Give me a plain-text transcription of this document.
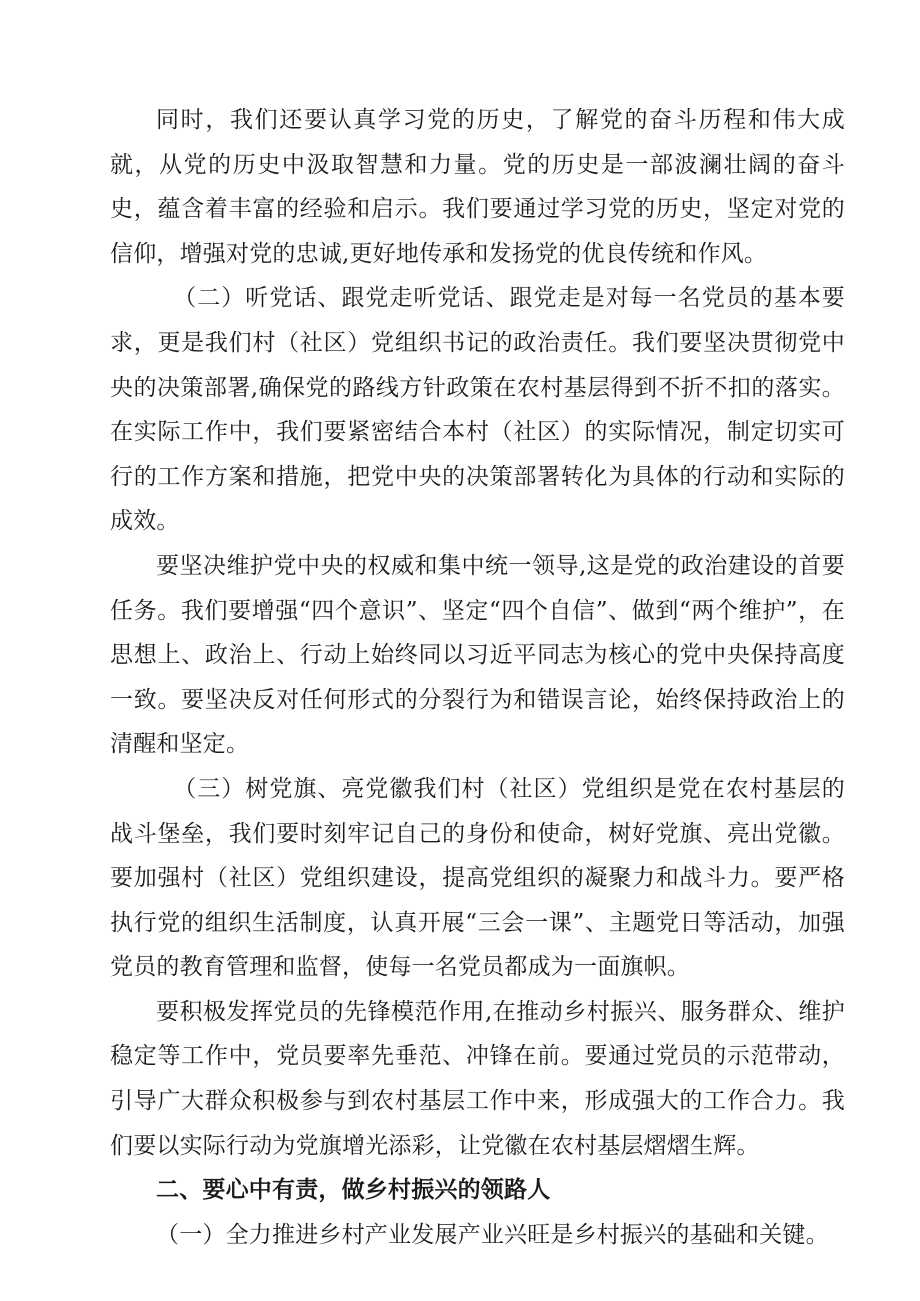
同时，我们还要认真学习党的历史，了解党的奋斗历程和伟大成就，从党的历史中汲取智慧和力量。党的历史是一部波澜壮阔的奋斗史，蕴含着丰富的经验和启示。我们要通过学习党的历史，坚定对党的信仰，增强对党的忠诚,更好地传承和发扬党的优良传统和作风。

（二）听党话、跟党走听党话、跟党走是对每一名党员的基本要求，更是我们村（社区）党组织书记的政治责任。我们要坚决贯彻党中央的决策部署,确保党的路线方针政策在农村基层得到不折不扣的落实。在实际工作中，我们要紧密结合本村（社区）的实际情况，制定切实可行的工作方案和措施，把党中央的决策部署转化为具体的行动和实际的成效。

要坚决维护党中央的权威和集中统一领导,这是党的政治建设的首要任务。我们要增强“四个意识”、坚定“四个自信”、做到“两个维护”，在思想上、政治上、行动上始终同以习近平同志为核心的党中央保持高度一致。要坚决反对任何形式的分裂行为和错误言论，始终保持政治上的清醒和坚定。

（三）树党旗、亮党徽我们村（社区）党组织是党在农村基层的战斗堡垒，我们要时刻牢记自己的身份和使命，树好党旗、亮出党徽。要加强村（社区）党组织建设，提高党组织的凝聚力和战斗力。要严格执行党的组织生活制度，认真开展“三会一课”、主题党日等活动，加强党员的教育管理和监督，使每一名党员都成为一面旗帜。

要积极发挥党员的先锋模范作用,在推动乡村振兴、服务群众、维护稳定等工作中，党员要率先垂范、冲锋在前。要通过党员的示范带动，引导广大群众积极参与到农村基层工作中来，形成强大的工作合力。我们要以实际行动为党旗增光添彩，让党徽在农村基层熠熠生辉。

二、要心中有责，做乡村振兴的领路人

（一）全力推进乡村产业发展产业兴旺是乡村振兴的基础和关键。
